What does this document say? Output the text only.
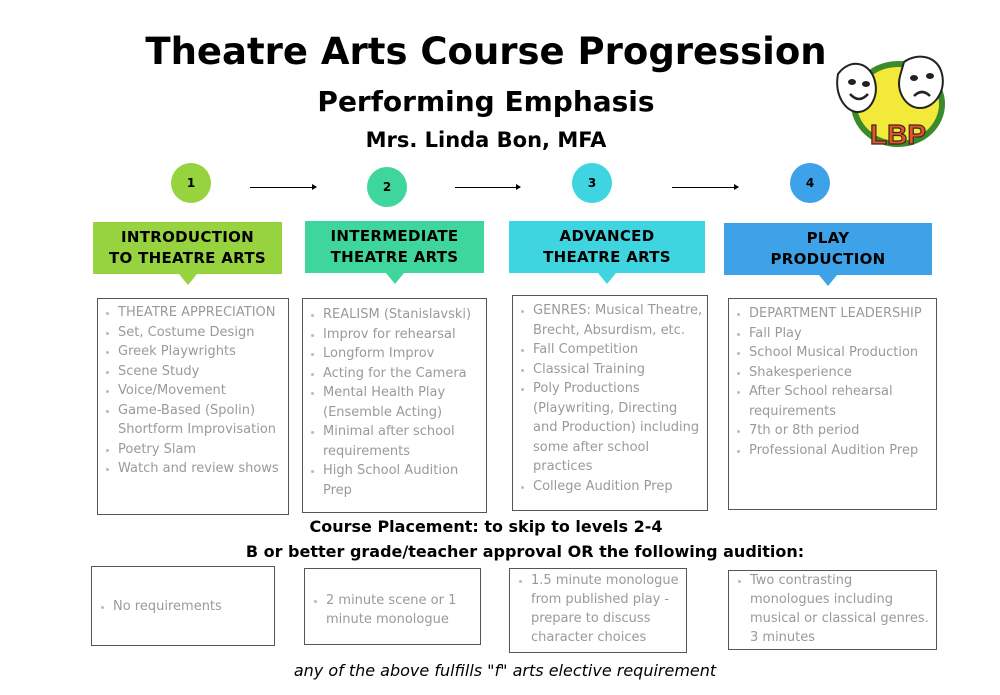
Theatre Arts Course Progression
Performing Emphasis
Mrs. Linda Bon, MFA	LBP
1	2	3	4
INTRODUCTION
TO THEATRE ARTS
INTERMEDIATE
THEATRE ARTS
ADVANCED
THEATRE ARTS
PLAY
PRODUCTION
• THEATRE APPRECIATION
• Set, Costume Design
• Greek Playwrights
• Scene Study
• Voice/Movement
• Game-Based (Spolin) Shortform Improvisation
• Poetry Slam
• Watch and review shows
• REALISM (Stanislavski)
• Improv for rehearsal
• Longform Improv
• Acting for the Camera
• Mental Health Play (Ensemble Acting)
• Minimal after school requirements
• High School Audition Prep
• GENRES: Musical Theatre, Brecht, Absurdism, etc.
• Fall Competition
• Classical Training
• Poly Productions (Playwriting, Directing and Production) including some after school practices
• College Audition Prep
• DEPARTMENT LEADERSHIP
• Fall Play
• School Musical Production
• Shakesperience
• After School rehearsal requirements
• 7th or 8th period
• Professional Audition Prep
Course Placement: to skip to levels 2-4
B or better grade/teacher approval OR the following audition:
• No requirements
•	2 minute scene or 1 minute monologue
• 1.5 minute monologue from published play - prepare to discuss character choices
• Two contrasting monologues including musical or classical genres. 3 minutes
any of the above fulfills "f" arts elective requirement
